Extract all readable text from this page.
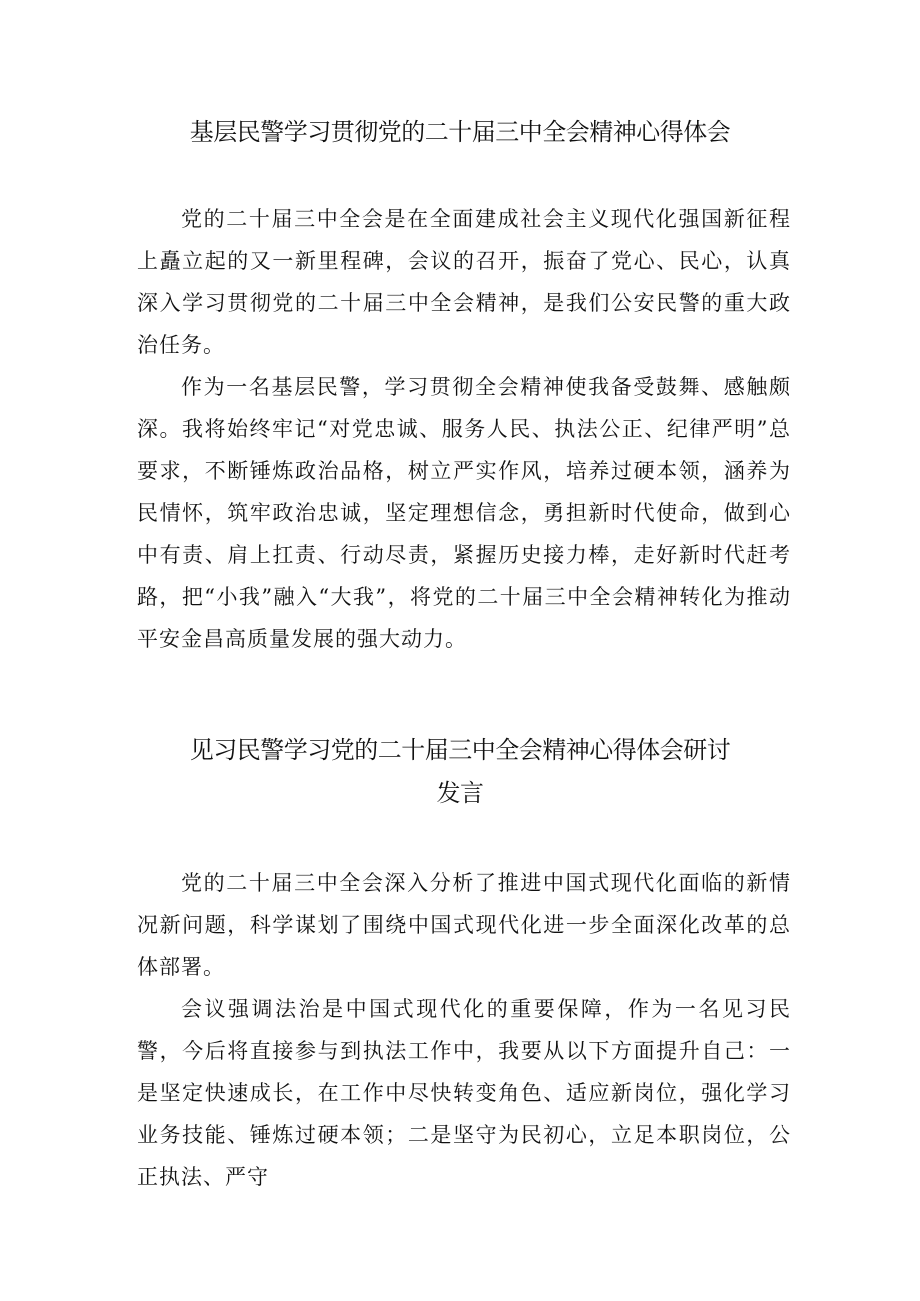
基层民警学习贯彻党的二十届三中全会精神心得体会

党的二十届三中全会是在全面建成社会主义现代化强国新征程上矗立起的又一新里程碑，会议的召开，振奋了党心、民心，认真深入学习贯彻党的二十届三中全会精神，是我们公安民警的重大政治任务。

作为一名基层民警，学习贯彻全会精神使我备受鼓舞、感触颇深。我将始终牢记“对党忠诚、服务人民、执法公正、纪律严明”总要求，不断锤炼政治品格，树立严实作风，培养过硬本领，涵养为民情怀，筑牢政治忠诚，坚定理想信念，勇担新时代使命，做到心中有责、肩上扛责、行动尽责，紧握历史接力棒，走好新时代赶考路，把“小我”融入“大我”，将党的二十届三中全会精神转化为推动平安金昌高质量发展的强大动力。

见习民警学习党的二十届三中全会精神心得体会研讨
发言

党的二十届三中全会深入分析了推进中国式现代化面临的新情况新问题，科学谋划了围绕中国式现代化进一步全面深化改革的总体部署。

会议强调法治是中国式现代化的重要保障，作为一名见习民警，今后将直接参与到执法工作中，我要从以下方面提升自己：一是坚定快速成长，在工作中尽快转变角色、适应新岗位，强化学习业务技能、锤炼过硬本领；二是坚守为民初心，立足本职岗位，公正执法、严守
